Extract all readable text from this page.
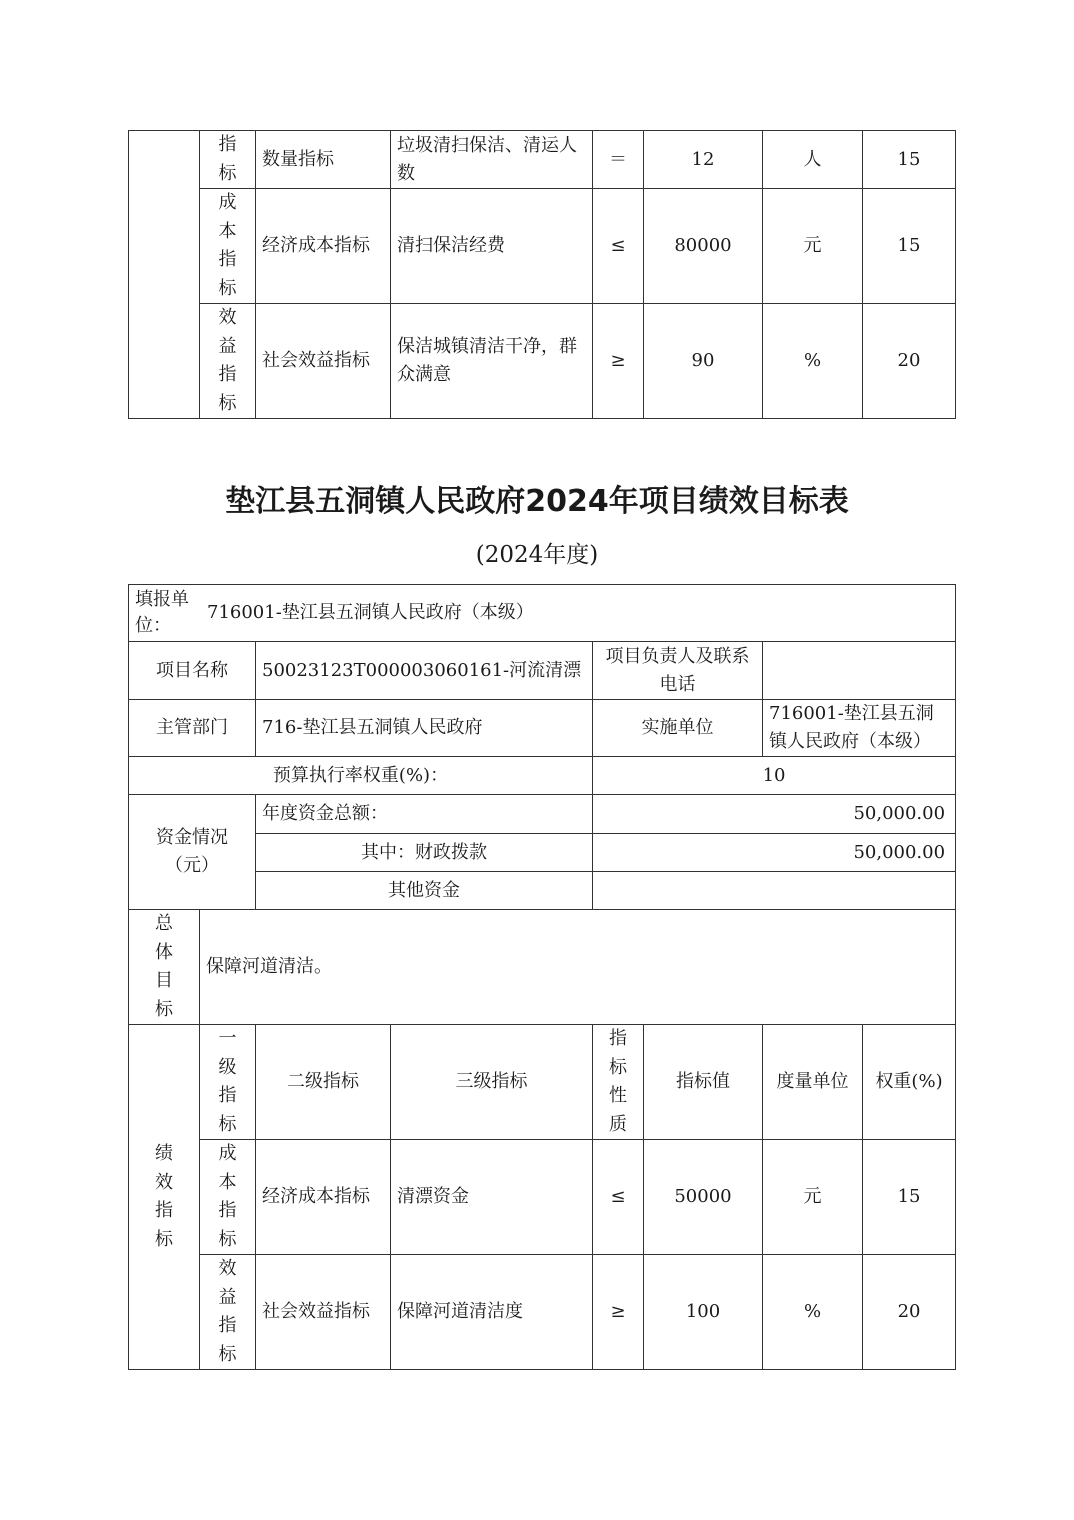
	指标	数量指标	垃圾清扫保洁、清运人数	＝	12	人	15

	成本指标	经济成本指标	清扫保洁经费	≤	80000	元	15

	效益指标	社会效益指标	保洁城镇清洁干净，群众满意	≥	90	%	20
垫江县五洞镇人民政府2024年项目绩效目标表
(2024年度)
填报单位：
716001-垫江县五洞镇人民政府（本级）							

项目名称		50023123T000003060161-河流清漂		项目负责人及联系电话			
主管部门		716-垫江县五洞镇人民政府		实施单位		716001-垫江县五洞镇人民政府（本级）	
预算执行率权重(%)：				10			

资金情况（元）		年度资金总额：		50,000.00			
		其中：财政拨款		50,000.00			
		其他资金					

总体目标	保障河道清洁。						

绩效指标	一级指标	二级指标	三级指标	指标性质	指标值	度量单位	权重(%)

	成本指标	经济成本指标	清漂资金	≤	50000	元	15

	效益指标	社会效益指标	保障河道清洁度	≥	100	%	20
